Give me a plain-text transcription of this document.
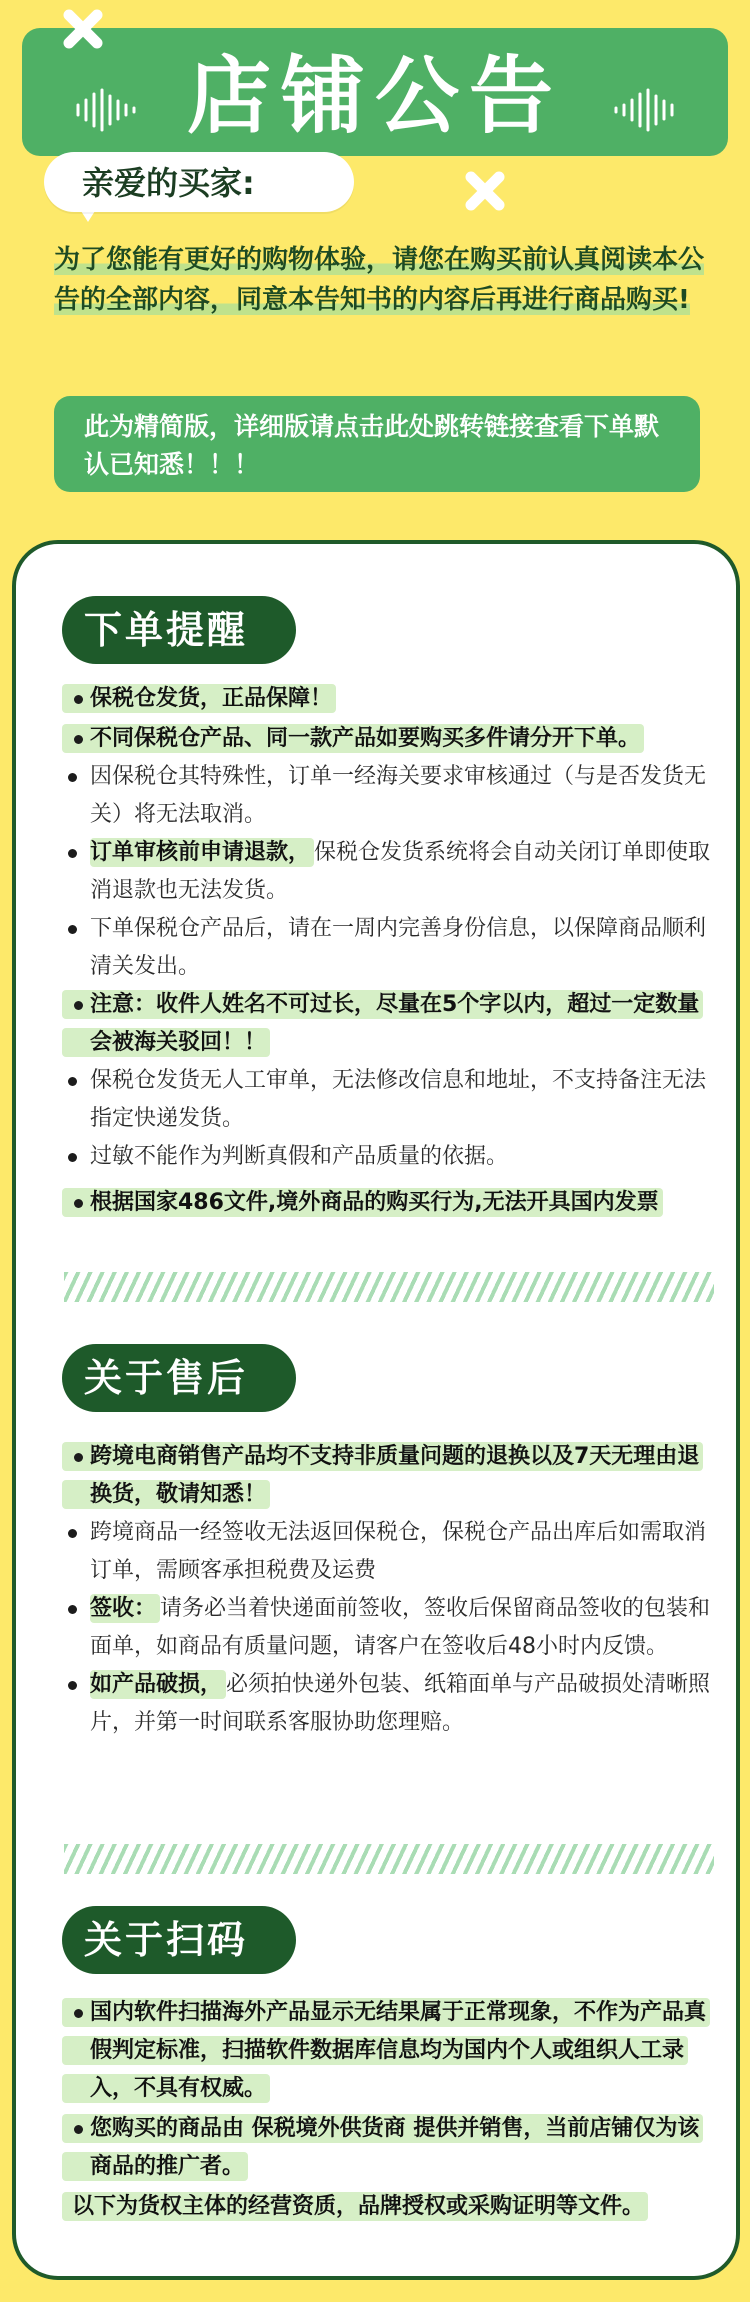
店铺公告
亲爱的买家:
为了您能有更好的购物体验，请您在购买前认真阅读本公告的全部内容，同意本告知书的内容后再进行商品购买!
此为精简版，详细版请点击此处跳转链接查看下单默认已知悉！！！
下单提醒
保税仓发货，正品保障！
不同保税仓产品、同一款产品如要购买多件请分开下单。
因保税仓其特殊性，订单一经海关要求审核通过（与是否发货无关）将无法取消。
订单审核前申请退款， 保税仓发货系统将会自动关闭订单即使取消退款也无法发货。
下单保税仓产品后，请在一周内完善身份信息，以保障商品顺利清关发出。
注意：收件人姓名不可过长，尽量在5个字以内，超过一定数量会被海关驳回！！
保税仓发货无人工审单，无法修改信息和地址，不支持备注无法指定快递发货。
过敏不能作为判断真假和产品质量的依据。
根据国家486文件,境外商品的购买行为,无法开具国内发票
关于售后
跨境电商销售产品均不支持非质量问题的退换以及7天无理由退换货，敬请知悉！
跨境商品一经签收无法返回保税仓，保税仓产品出库后如需取消订单，需顾客承担税费及运费
签收： 请务必当着快递面前签收，签收后保留商品签收的包装和面单，如商品有质量问题，请客户在签收后48小时内反馈。
如产品破损， 必须拍快递外包装、纸箱面单与产品破损处清晰照片，并第一时间联系客服协助您理赔。
关于扫码
国内软件扫描海外产品显示无结果属于正常现象，不作为产品真假判定标准，扫描软件数据库信息均为国内个人或组织人工录入，不具有权威。
您购买的商品由 保税境外供货商 提供并销售，当前店铺仅为该商品的推广者。
以下为货权主体的经营资质，品牌授权或采购证明等文件。
